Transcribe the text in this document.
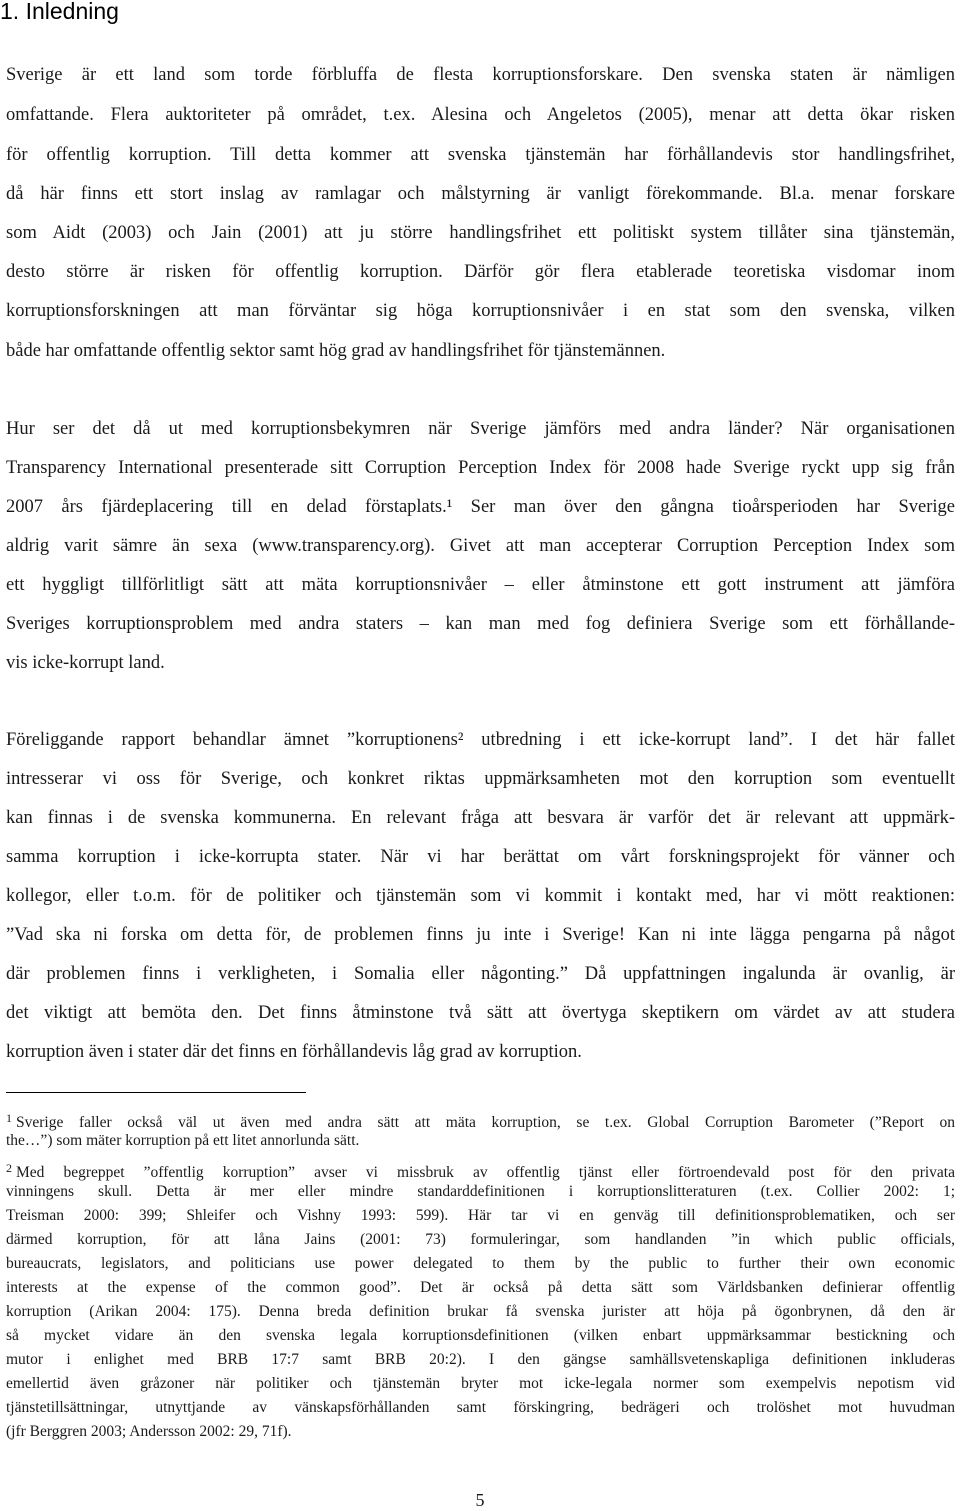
1. Inledning
Sverige är ett land som torde förbluffa de flesta korruptionsforskare. Den svenska staten är nämligen
omfattande. Flera auktoriteter på området, t.ex. Alesina och Angeletos (2005), menar att detta ökar risken
för offentlig korruption. Till detta kommer att svenska tjänstemän har förhållandevis stor handlingsfrihet,
då här finns ett stort inslag av ramlagar och målstyrning är vanligt förekommande. Bl.a. menar forskare
som Aidt (2003) och Jain (2001) att ju större handlingsfrihet ett politiskt system tillåter sina tjänstemän,
desto större är risken för offentlig korruption. Därför gör flera etablerade teoretiska visdomar inom
korruptionsforskningen att man förväntar sig höga korruptionsnivåer i en stat som den svenska, vilken
både har omfattande offentlig sektor samt hög grad av handlingsfrihet för tjänstemännen.
Hur ser det då ut med korruptionsbekymren när Sverige jämförs med andra länder? När organisationen
Transparency International presenterade sitt Corruption Perception Index för 2008 hade Sverige ryckt upp sig från
2007 års fjärdeplacering till en delad förstaplats.¹ Ser man över den gångna tioårsperioden har Sverige
aldrig varit sämre än sexa (www.transparency.org). Givet att man accepterar Corruption Perception Index som
ett hyggligt tillförlitligt sätt att mäta korruptionsnivåer – eller åtminstone ett gott instrument att jämföra
Sveriges korruptionsproblem med andra staters – kan man med fog definiera Sverige som ett förhållande-
vis icke-korrupt land.
Föreliggande rapport behandlar ämnet ”korruptionens² utbredning i ett icke-korrupt land”. I det här fallet
intresserar vi oss för Sverige, och konkret riktas uppmärksamheten mot den korruption som eventuellt
kan finnas i de svenska kommunerna. En relevant fråga att besvara är varför det är relevant att uppmärk-
samma korruption i icke-korrupta stater. När vi har berättat om vårt forskningsprojekt för vänner och
kollegor, eller t.o.m. för de politiker och tjänstemän som vi kommit i kontakt med, har vi mött reaktionen:
”Vad ska ni forska om detta för, de problemen finns ju inte i Sverige! Kan ni inte lägga pengarna på något
där problemen finns i verkligheten, i Somalia eller någonting.” Då uppfattningen ingalunda är ovanlig, är
det viktigt att bemöta den. Det finns åtminstone två sätt att övertyga skeptikern om värdet av att studera
korruption även i stater där det finns en förhållandevis låg grad av korruption.
$^1$ Sverige faller också väl ut även med andra sätt att mäta korruption, se t.ex. Global Corruption Barometer (”Report on
the…”) som mäter korruption på ett litet annorlunda sätt.
$^2$ Med begreppet ”offentlig korruption” avser vi missbruk av offentlig tjänst eller förtroendevald post för den privata
vinningens skull. Detta är mer eller mindre standarddefinitionen i korruptionslitteraturen (t.ex. Collier 2002: 1;
Treisman 2000: 399; Shleifer och Vishny 1993: 599). Här tar vi en genväg till definitionsproblematiken, och ser
därmed korruption, för att låna Jains (2001: 73) formuleringar, som handlanden ”in which public officials,
bureaucrats, legislators, and politicians use power delegated to them by the public to further their own economic
interests at the expense of the common good”. Det är också på detta sätt som Världsbanken definierar offentlig
korruption (Arikan 2004: 175). Denna breda definition brukar få svenska jurister att höja på ögonbrynen, då den är
så mycket vidare än den svenska legala korruptionsdefinitionen (vilken enbart uppmärksammar bestickning och
mutor i enlighet med BRB 17:7 samt BRB 20:2). I den gängse samhällsvetenskapliga definitionen inkluderas
emellertid även gråzoner när politiker och tjänstemän bryter mot icke-legala normer som exempelvis nepotism vid
tjänstetillsättningar, utnyttjande av vänskapsförhållanden samt förskingring, bedrägeri och trolöshet mot huvudman
(jfr Berggren 2003; Andersson 2002: 29, 71f).
5
